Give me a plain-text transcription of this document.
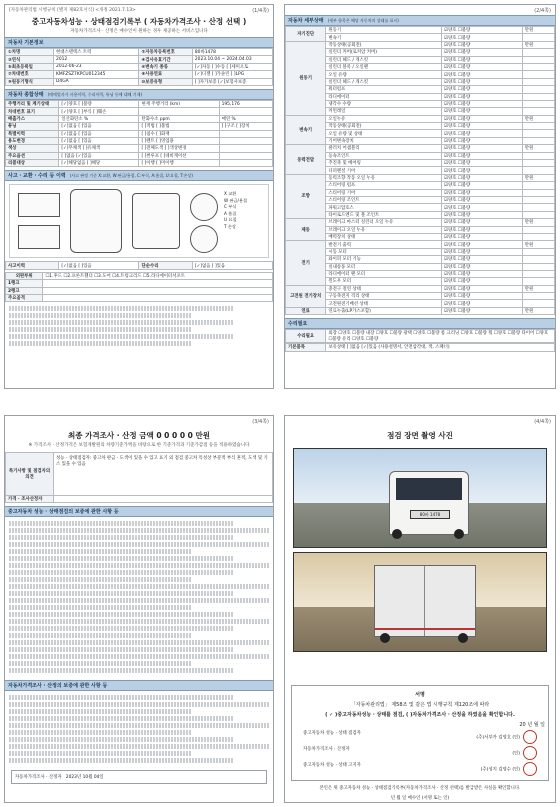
[자동차관리법 시행규칙 [별지 제82호서식] <개정 2021.7.13>	(1/4쪽)
중고자동차성능 · 상태점검기록부 ( 자동차가격조사 · 산정 선택 )
자동차가격조사 · 산정은 매수인이 원하는 경우 제공하는 서비스입니다
자동차 기본정보
①차명	현대스텐텍스 트럭	②자동차등록번호	80바1478
③연식	2012	④검사유효기간	2023.10.04 ~ 2024.04.03
⑤최초등록일	2012-06-23	⑥변속기 종류	[✓]자동 [ ]수동 [ ]세미오토
⑦차대번호	KMFZSZ7KPCU012345	⑧사용연료	[✓]디젤 [ ]가솔린 [ ]LPG
⑨원동기형식	D4GA	⑩보증유형	[ ]자가보증 [✓]보험사보증
자동차 종합상태 (매매업자가 사용이력, 수리이력, 튜닝 등에 대해 기재)
주행거리 및 계기상태	[✓]양호 [ ]불량	현재 주행거리 (km)	195,176
차대번호 표기	[✓]양호 [ ]부식 [ ]훼손		
배출가스	일산화탄소 %	탄화수소 ppm	매연 %
튜닝	[✓]없음 [ ]있음	[ ]적법 [ ]불법	[ ]구조 [ ]장치
특별이력	[✓]없음 [ ]있음	[ ]침수 [ ]화재	
용도변경	[✓]없음 [ ]있음	[ ]렌트 [ ]영업용	
색상	[✓]무채색 [ ]유채색	[ ]전체도색 [ ]색상변경	
주요옵션	[ ]없음 [✓]있음	[ ]썬루프 [ ]네비게이션	
리콜대상	[✓]해당없음 [ ]해당	[ ]이행 [ ]미이행	
사고 · 교환 · 수리 등 이력 (사고 판정 기준 X:교환, W:판금/용접, C:부식, A:흠집, U:요철, T:손상)
X 교환
W 판금/용접
C 부식
A 흠집
U 요철
T 손상
사고이력	[✓]없음 [ ]있음	단순수리	[✓]없음 [ ]있음
외판부위	☐1.후드 ☐2.프론트휀더 ☐3.도어 ☐4.트렁크리드 ☐5.라디에이터서포트
1랭크	
2랭크	
주요골격	
(2/4쪽)
자동차 세부상태 (세부 항목은 해당 자동차의 상태를 표시)
자기진단	원동기	☑양호 ☐불량	만원
	변속기	☑양호 ☐불량	
원동기	작동상태(공회전)	☑양호 ☐불량	만원
	실린더 커버(로커암 커버)	☑양호 ☐불량	
	실린더 헤드 / 개스킷	☑양호 ☐불량	
	실린더 블록 / 오일팬	☑양호 ☐불량	
	오일 유량	☑양호 ☐불량	
	실린더 헤드 / 개스킷	☑양호 ☐불량	
	워터펌프	☑양호 ☐불량	
	라디에이터	☑양호 ☐불량	
	냉각수 수량	☑양호 ☐불량	
	커먼레일	☑양호 ☐불량	
변속기	오일누유	☑양호 ☐불량	만원
	작동상태(공회전)	☑양호 ☐불량	
	오일 유량 및 상태	☑양호 ☐불량	
	기어변속장치	☑양호 ☐불량	
동력전달	클러치 어셈블리	☑양호 ☐불량	만원
	등속조인트	☑양호 ☐불량	
	추진축 및 베어링	☑양호 ☐불량	
	디퍼렌셜 기어	☑양호 ☐불량	
조향	동력조향 작동 오일 누유	☑양호 ☐불량	만원
	스티어링 펌프	☑양호 ☐불량	
	스티어링 기어	☑양호 ☐불량	
	스티어링 조인트	☑양호 ☐불량	
	파워고압호스	☑양호 ☐불량	
	타이로드엔드 및 볼 조인트	☑양호 ☐불량	
제동	브레이크 마스터 실린더 오일 누유	☑양호 ☐불량	만원
	브레이크 오일 누유	☑양호 ☐불량	
	배력장치 상태	☑양호 ☐불량	
전기	발전기 출력	☑양호 ☐불량	만원
	시동 모터	☑양호 ☐불량	
	와이퍼 모터 기능	☑양호 ☐불량	
	실내송풍 모터	☑양호 ☐불량	
	라디에이터 팬 모터	☑양호 ☐불량	
	윈도우 모터	☑양호 ☐불량	
고전원 전기장치	충전구 절연 상태	☑양호 ☐불량	만원
	구동축전지 격리 상태	☑양호 ☐불량	
	고전원전기배선 상태	☑양호 ☐불량	
연료	연료누출(LP가스포함)	☑양호 ☐불량	만원
수리필요
수리필요	외장 ☐양호 ☐불량 내장 ☐양호 ☐불량 광택 ☐양호 ☐불량 룸 크리닝 ☐양호 ☐불량 휠 ☐양호 ☐불량 타이어 ☐양호 ☐불량 유리 ☐양호 ☐불량
기본품목	보유상태 [ ]없음 [✓]있음 (사용설명서, 안전삼각대, 잭, 스패너)
(3/4쪽)
최종 가격조사 · 산정 금액 0 0 0 0 0 만원
※ 가격조사 · 산정가격은 보험개발원의 차량기준가액을 바탕으로 한 기준가격과 기준가감점 등을 적용하였습니다
특기사항 및 점검자의 의견	성능 · 상태점검자: 중고차 판금 · 도색이 있을 수 있고 표기 외 점검 중고차 특성상 부분적 부식 흔적, 도색 및 기스 있을 수 있음
가격 · 조사산정자	
중고자동차 성능 · 상태점검의 보증에 관한 사항 등
자동차가격조사 · 산정의 보증에 관한 사항 등
자동차가격조사 · 산정자 2023년 10월 04일
(4/4쪽)
점검 장면 촬영 사진
80바 1478
서명
「자동차관리법」 제58조 및 같은 법 시행규칙 제120조에 따라
( ✓ )중고자동차성능 · 상태를 점검, ( )자동차가격조사 · 산정을 하였음을 확인합니다.
20 년 월 일
중고자동차 성능 · 상태 점검자
(주)서부카 김영호 (인)
자동차가격조사 · 산정자
(인)
중고자동차 성능 · 상태 고지자
(주)성지 김영수 (인)
본인은 위 중고자동차 성능 · 상태점검기록부(자동차가격조사 · 산정 선택)를 발급받은 사실을 확인합니다.
년 월 일 매수인 (서명 또는 인)
